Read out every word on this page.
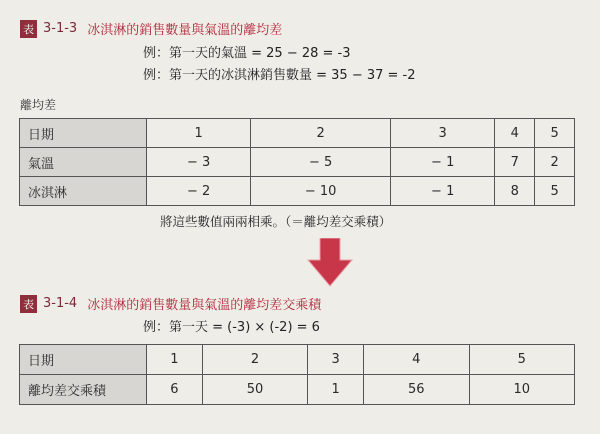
表 3-1-3 冰淇淋的銷售數量與氣溫的離均差
例：第一天的氣溫 = 25 − 28 = -3
例：第一天的冰淇淋銷售數量 = 35 − 37 = -2
離均差
日期	1	2	3	4	5
氣溫	− 3	− 5	− 1	7	2
冰淇淋	− 2	− 10	− 1	8	5
將這些數值兩兩相乘。（＝離均差交乘積）
表 3-1-4 冰淇淋的銷售數量與氣溫的離均差交乘積
例：第一天 = (-3) × (-2) = 6
日期	1	2	3	4	5
離均差交乘積	6	50	1	56	10
